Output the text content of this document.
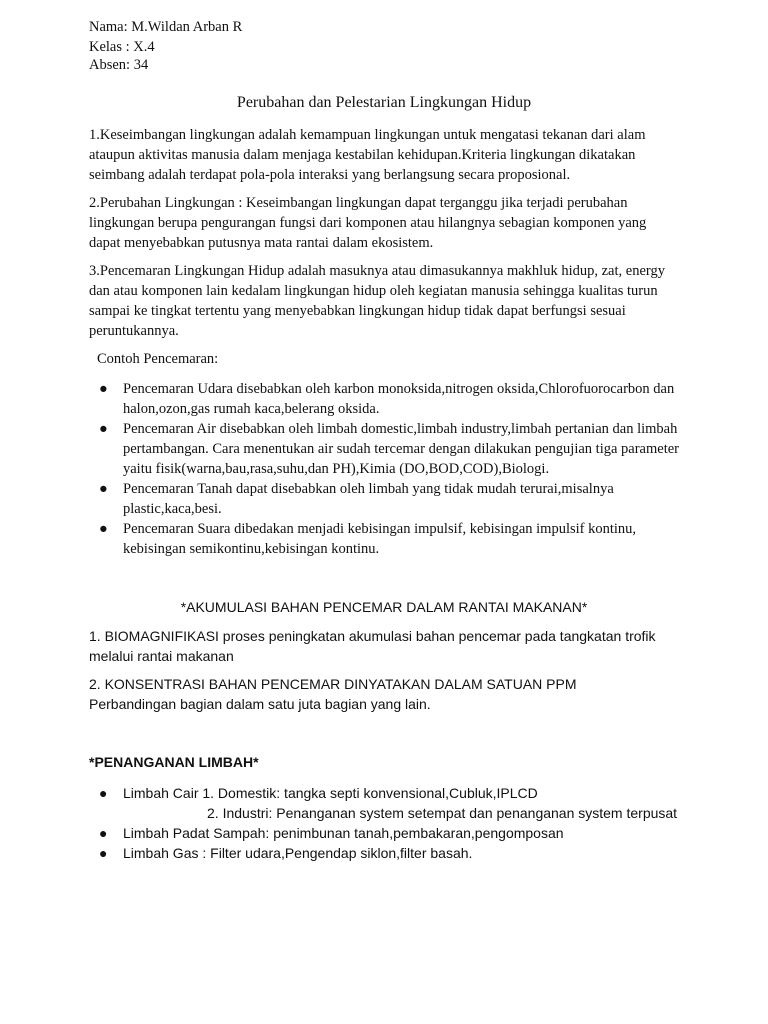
Nama: M.Wildan Arban R
Kelas : X.4
Absen: 34
Perubahan dan Pelestarian Lingkungan Hidup
1.Keseimbangan lingkungan adalah kemampuan lingkungan untuk mengatasi tekanan dari alam ataupun aktivitas manusia dalam menjaga kestabilan kehidupan.Kriteria lingkungan dikatakan seimbang adalah terdapat pola-pola interaksi yang berlangsung secara proposional.
2.Perubahan Lingkungan : Keseimbangan lingkungan dapat terganggu jika terjadi perubahan lingkungan berupa pengurangan fungsi dari komponen atau hilangnya sebagian komponen yang dapat menyebabkan putusnya mata rantai dalam ekosistem.
3.Pencemaran Lingkungan Hidup adalah masuknya atau dimasukannya makhluk hidup, zat, energy dan atau komponen lain kedalam lingkungan hidup oleh kegiatan manusia sehingga kualitas turun sampai ke tingkat tertentu yang menyebabkan lingkungan hidup tidak dapat berfungsi sesuai peruntukannya.
Contoh Pencemaran:
● Pencemaran Udara disebabkan oleh karbon monoksida,nitrogen oksida,Chlorofuorocarbon dan halon,ozon,gas rumah kaca,belerang oksida.
● Pencemaran Air disebabkan oleh limbah domestic,limbah industry,limbah pertanian dan limbah pertambangan. Cara menentukan air sudah tercemar dengan dilakukan pengujian tiga parameter yaitu fisik(warna,bau,rasa,suhu,dan PH),Kimia (DO,BOD,COD),Biologi.
● Pencemaran Tanah dapat disebabkan oleh limbah yang tidak mudah terurai,misalnya plastic,kaca,besi.
● Pencemaran Suara dibedakan menjadi kebisingan impulsif, kebisingan impulsif kontinu, kebisingan semikontinu,kebisingan kontinu.
*AKUMULASI BAHAN PENCEMAR DALAM RANTAI MAKANAN*
1. BIOMAGNIFIKASI proses peningkatan akumulasi bahan pencemar pada tangkatan trofik melalui rantai makanan
2. KONSENTRASI BAHAN PENCEMAR DINYATAKAN DALAM SATUAN PPM
Perbandingan bagian dalam satu juta bagian yang lain.
*PENANGANAN LIMBAH*
● Limbah Cair 1. Domestik: tangka septi konvensional,Cubluk,IPLCD
2. Industri: Penanganan system setempat dan penanganan system terpusat
● Limbah Padat Sampah: penimbunan tanah,pembakaran,pengomposan
● Limbah Gas : Filter udara,Pengendap siklon,filter basah.
